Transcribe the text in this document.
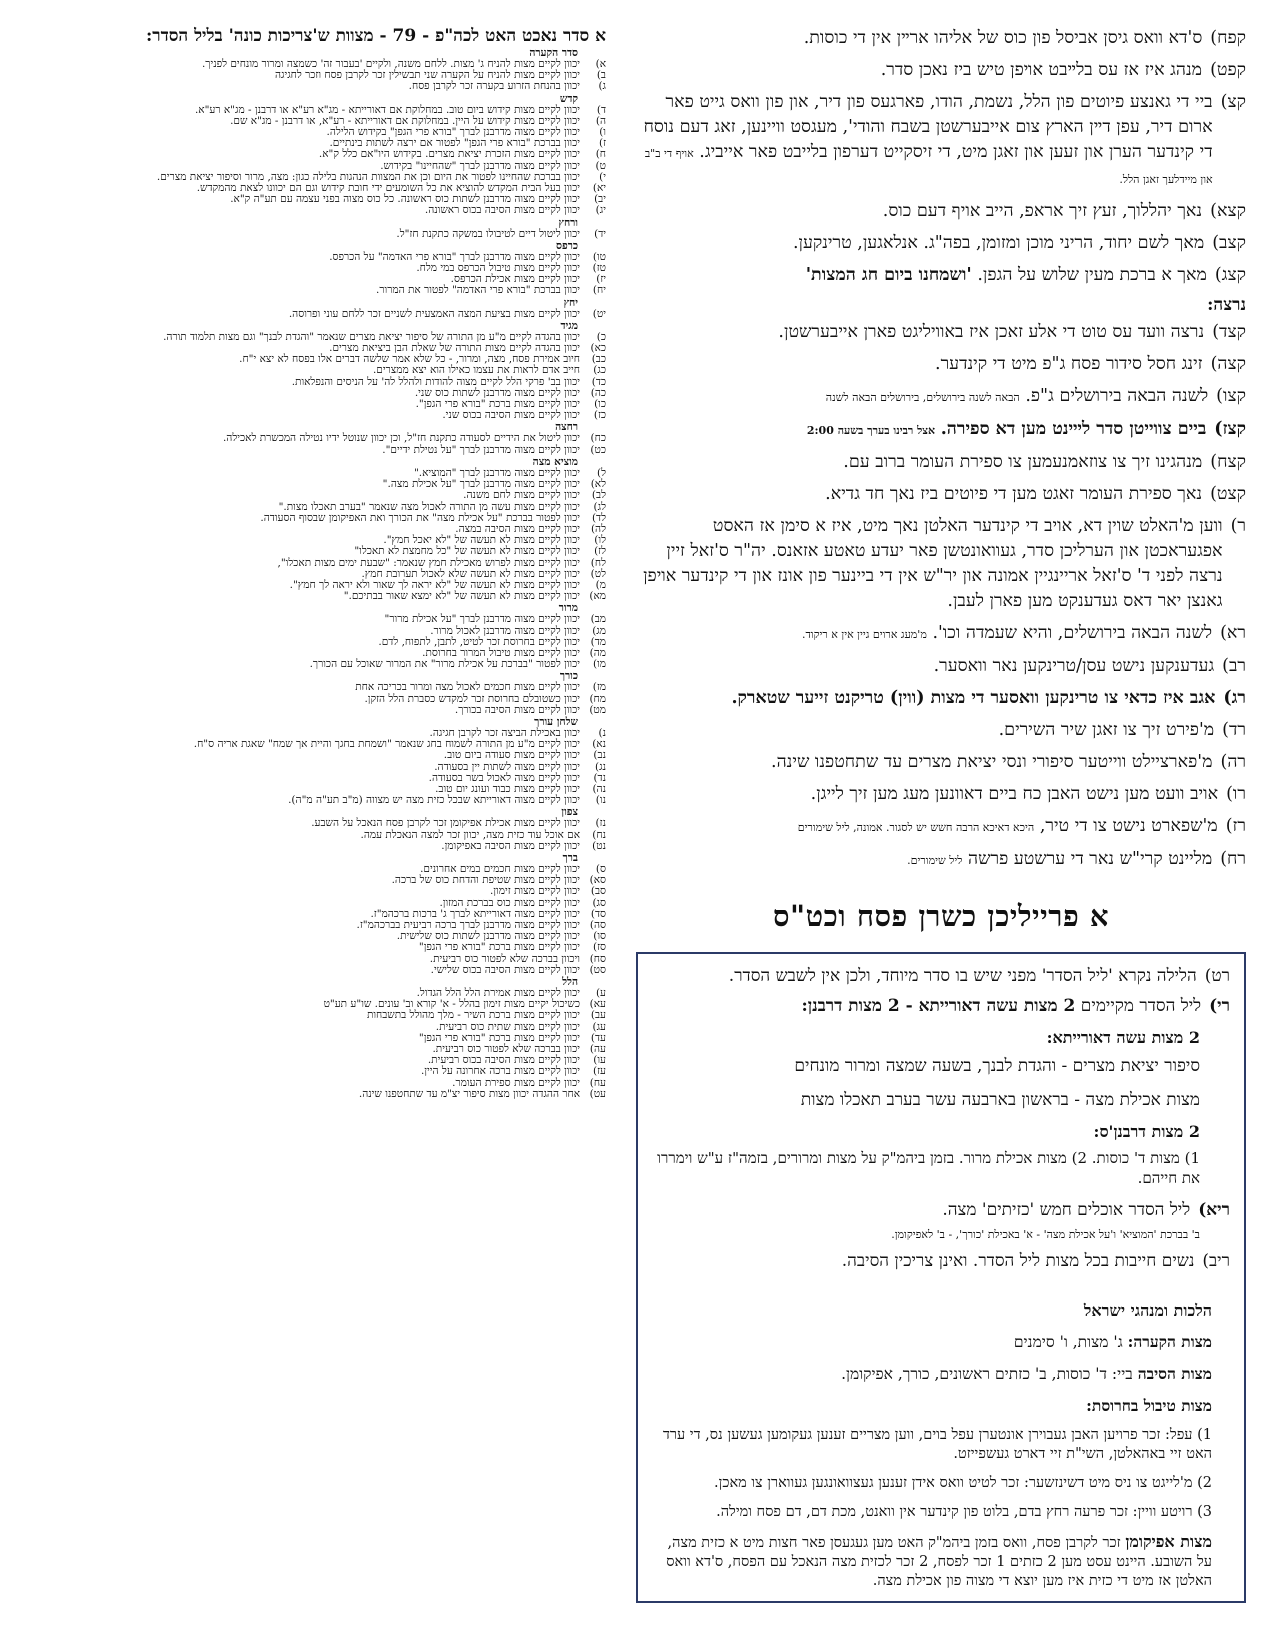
קפח)
ס'דא וואס גיסן אביסל פון כוס של אליהו ארײן אין די כוסות.
קפט)
מנהג איז אז עס בלײבט אױפן טיש ביז נאכן סדר.
קצ)
ביי די גאנצע פיוטים פון הלל, נשמת, הודו, פארגעס פון דיר, און פון וואס גייט פאר ארום דיר, עפן דײן הארץ צום אייבערשטן בשבח והודי', מעגסט וויינען, זאג דעם נוסח די קינדער הערן און זעען און זאגן מיט, די זיסקייט דערפון בלייבט פאר אייביג. אויף די ב"ב און מיידלעך זאגן הלל.
קצא)
נאך יהללוך, זעץ זיך אראפ, הייב אויף דעם כוס.
קצב)
מאך לשם יחוד, הריני מוכן ומזומן, בפה"ג. אנלאגען, טרינקען.
קצג)
מאך א ברכת מעין שלוש על הגפן. 'ושמחנו ביום חג המצות'
נרצה:
קצד)
נרצה וועד עס טוט די אלע זאכן איז באוויליגט פארן אייבערשטן.
קצה)
זינג חסל סידור פסח ג"פ מיט די קינדער.
קצו)
לשנה הבאה בירושלים ג"פ. הבאה לשנה בירושלים, בירושלים הבאה לשנה
קצז)
ביים צווייטן סדר לײינט מען דא ספירה. אצל רבינו בערך בשעה 2:00
קצח)
מנהגינו זיך צו צוזאמנעמען צו ספירת העומר ברוב עם.
קצט)
נאך ספירת העומר זאגט מען די פיוטים ביז נאך חד גדיא.
ר)
ווען מ'האלט שוין דא, אויב די קינדער האלטן נאך מיט, איז א סימן אז האסט אפגעראכטן און הערליכן סדר, געוואונטשן פאר יעדע טאטע אזאנס. יה"ר ס'זאל זיין נרצה לפני ד' ס'זאל אריינגיין אמונה און יר"ש אין די ביינער פון אונז און די קינדער אויפן גאנצן יאר דאס געדענקט מען פארן לעבן.
רא)
לשנה הבאה בירושלים, והיא שעמדה וכו'. מ'מעג ארוים גיין אין א ריקוד.
רב)
געדענקען נישט עסן/טרינקען נאר וואסער.
רג)
אגב איז כדאי צו טרינקען וואסער די מצות (ווין) טריקנט זייער שטארק.
רד)
מ'פירט זיך צו זאגן שיר השירים.
רה)
מ'פארציילט ווייטער סיפורי ונסי יציאת מצרים עד שתחטפנו שינה.
רו)
אויב וועט מען נישט האבן כח ביים דאוונען מעג מען זיך לייגן.
רז)
מ'שפארט נישט צו די טיר, היכא דאיכא הרבה חשש יש לסגור. אמונה, ליל שימורים
רח)
מליינט קרי"ש נאר די ערשטע פרשה ליל שימורים.
א פרייליכן כשרן פסח וכט"ס
רט)
הלילה נקרא 'ליל הסדר' מפני שיש בו סדר מיוחד, ולכן אין לשבש הסדר.
רי)
ליל הסדר מקיימים 2 מצות עשה דאורייתא - 2 מצות דרבנן:
2 מצות עשה דאורייתא:
סיפור יציאת מצרים - והגדת לבנך, בשעה שמצה ומרור מונחים
מצות אכילת מצה - בראשון בארבעה עשר בערב תאכלו מצות
2 מצות דרבנן'ס:
1) מצות ד' כוסות. 2) מצות אכילת מרור. בזמן ביהמ"ק על מצות ומרורים, בזמה"ז ע"ש וימררו את חייהם.
ריא)
ליל הסדר אוכלים חמש 'כזיתים' מצה.
ב' בברכת 'המוציא' ו'על אכילת מצה' - א' באכילת 'כורך', - ב' לאפיקומן.
ריב)
נשים חייבות בכל מצות ליל הסדר. ואינן צריכין הסיבה.
הלכות ומנהגי ישראל
מצות הקערה: ג' מצות, ו' סימנים
מצות הסיבה ביי: ד' כוסות, ב' כזתים ראשונים, כורך, אפיקומן.
מצות טיבול בחרוסת:
1) עפל: זכר פרויען האבן געבוירן אונטערן עפל בוים, ווען מצריים זענען געקומען געשען נס, די ערד האט זיי באהאלטן, השי"ת זיי דארט געשפייזט.
2) מ'לייגט צו ניס מיט דשינזשער: זכר לטיט וואס אידן זענען געצוואונגען געווארן צו מאכן.
3) רויטע וויין: זכר פרעה רחץ בדם, בלוט פון קינדער אין וואנט, מכת דם, דם פסח ומילה.
מצות אפיקומן זכר לקרבן פסח, וואס בזמן ביהמ"ק האט מען געגעסן פאר חצות מיט א כזית מצה, על השובע. היינט עסט מען 2 כזתים 1 זכר לפסח, 2 זכר לכזית מצה הנאכל עם הפסח, ס'דא וואס האלטן אז מיט די כזית איז מען יוצא די מצוה פון אכילת מצה.
א סדר נאכט האט לכה"פ - 79 - מצוות ש'צריכות כונה' בליל הסדר:
סדר הקערה
א)
יכוון לקיים מצות להניח ג' מצות. ללחם משנה, ולקיים 'בעבור זה' כשמצה ומרור מונחים לפניך.
ב)
יכוון לקיים מצות להניח על הקערה שני תבשילין זכר לקרבן פסח וזכר לחגיגה
ג)
יכוון בהנחת הזרוע בקערה זכר לקרבן פסח.
קדש
ד)
יכוון לקיים מצות קידוש ביום טוב. במחלוקת אם דאורייתא - מג"א רע"א או דרבנן - מג"א רע"א.
ה)
יכוון לקיים מצות קידוש על היין. במחלוקת אם דאורייתא - רע"א, או דרבנן - מג"א שם.
ו)
יכוון לקיים מצוה מדרבנן לברך "בורא פרי הגפן" בקידוש הלילה.
ז)
יכוון בברכת "בורא פרי הגפן" לפטור אם ירצה לשתות בינתיים.
ח)
יכוון לקיים מצות הזכרת יציאת מצרים. בקידוש היו"אם כלל ק"א.
ט)
יכוון לקיים מצוה מדרבנן לברך "שהחיינו" בקידוש.
י)
יכוון בברכת שהחיינו לפטור את היום וכן את המצוות הנהגות בלילה כגון: מצה, מרור וסיפור יציאת מצרים.
יא)
יכוון בעל הבית המקדש להוציא את כל השומעים ידי חובת קידוש וגם הם יכוונו לצאת מהמקדש.
יב)
יכוון לקיים מצוה מדרבנן לשתות כוס ראשונה. כל כוס מצוה בפני עצמה עם תע"ה ק"א.
יג)
יכוון לקיים מצות הסיבה בכוס ראשונה.
ורחץ
יד)
יכוון ליטול דיים לטיבולו במשקה כתקנת חז"ל.
כרפס
טו)
יכוון לקיים מצוה מדרבנן לברך "בורא פרי האדמה" על הכרפס.
טז)
יכוון לקיים מצות טיבול הכרפס במי מלח.
יז)
יכוון לקיים מצות אכילת הכרפס.
יח)
יכוון בברכת "בורא פרי האדמה" לפטור את המרור.
יחץ
יט)
יכוון לקיים מצות בציעת המצה האמצעית לשניים זכר ללחם עוני ופרוסה.
מגיד
כ)
יכוון בהגדה לקיים מ"ע מן התורה של סיפור יציאת מצרים שנאמר "והגדת לבנך" וגם מצות תלמוד תורה.
כא)
יכוון בהגדה לקיים מצות התורה של שאלת הבן ביציאת מצרים.
כב)
חיוב אמירת פסח, מצה, ומרור, - כל שלא אמר שלשה דברים אלו בפסח לא יצא י"ח.
כג)
חייב אדם לראות את עצמו כאילו הוא יצא ממצרים.
כד)
יכוון בב' פרקי הלל לקיים מצוה להודות ולהלל לה' על הניסים והנפלאות.
כה)
יכוון לקיים מצוה מדרבנן לשתות כוס שני.
כו)
יכוון לקיים מצות ברכת "בורא פרי הגפן".
כז)
יכוון לקיים מצות הסיבה בכוס שני.
רחצה
כח)
יכוון ליטול את הידיים לסעודה כתקנת חז"ל, וכן יכוון שנוטל ידיו נטילה המכשרת לאכילה.
כט)
יכוון לקיים מצוה מדרבנן לברך "על נטילת ידיים".
מוציא מצה
ל)
יכוון לקיים מצוה מדרבנן לברך "המוציא."
לא)
יכוון לקיים מצוה מדרבנן לברך "על אכילת מצה."
לב)
יכוון לקיים מצות לחם משנה.
לג)
יכוון לקיים מצות עשה מן התורה לאכול מצה שנאמר "בערב תאכלו מצות."
לד)
יכוון לפטור בברכת "על אכילת מצה" את הכורך ואת האפיקומן שבסוף הסעודה.
לה)
יכוון לקיים מצות הסיבה במצה.
לו)
יכוון לקיים מצות לא תעשה של "לא יאכל חמץ".
לז)
יכוון לקיים מצות לא תעשה של "כל מחמצת לא תאכלו"
לח)
יכוון לקיים מצות לפרוש מאכילת חמץ שנאמר: "שבעת ימים מצות תאכלו",
לט)
יכוון לקיים מצות לא תעשה שלא לאכול תערובת חמץ.
מ)
יכוון לקיים מצות לא תעשה של "לא יראה לך שאור ולא יראה לך חמץ".
מא)
יכוון לקיים מצות לא תעשה של "לא ימצא שאור בבתיכם."
מרור
מב)
יכוון לקיים מצוה מדרבנן לברך "על אכילת מרור"
מג)
יכוון לקיים מצוה מדרבנן לאכול מרור.
מד)
יכוון לקיים בחרוסת זכר לטיט, לתבן, לתפוח, לדם.
מה)
יכוון לקיים מצות טיבול המרור בחרוסת.
מו)
יכוון לפטור "בברכת על אכילת מרור" את המרור שאוכל עם הכורך.
כורך
מז)
יכוון לקיים מצות חכמים לאכול מצה ומרור בכריכה אחת
מח)
יכוון כשטובלם בחרוסת זכר למקדש כסברת הלל הזקן.
מט)
יכוון לקיים מצות הסיבה בכורך.
שלחן עורך
נ)
יכוון באכילת הביצה זכר לקרבן חגיגה.
נא)
יכוון לקיים מ"ע מן התורה לשמוח בחג שנאמר "ושמחת בחגך והיית אך שמח" שאגת אריה ס"ח.
נב)
יכוון לקיים מצות סעודה ביום טוב.
נג)
יכוון לקיים מצוה לשתות יין בסעודה.
נד)
יכוון לקיים מצוה לאכול בשר בסעודה.
נה)
יכוון לקיים מצות כבוד ועונג יום טוב.
נו)
יכוון לקיים מצוה דאורייתא שבכל כזית מצה יש מצווה (מ"ב תע"ה מ"ה).
צפון
נז)
יכוון לקיים מצות אכילת אפיקומן זכר לקרבן פסח הנאכל על השבע.
נח)
אם אוכל עוד כזית מצה, יכוון זכר למצה הנאכלת עמה.
נט)
יכוון לקיים מצות הסיבה באפיקומן.
ברך
ס)
יכוון לקיים מצות חכמים במים אחרונים.
סא)
יכוון לקיים מצות שטיפת והדחת כוס של ברכה.
סב)
יכוון לקיים מצות זימון.
סג)
יכוון לקיים מצות כוס בברכת המזון.
סד)
יכוון לקיים מצוה דאורייתא לברך ג' ברכות ברכהמ"ז.
סה)
יכוון לקיים מצוה מדרבנן לברך ברכה רביעית בברכהמ"ז.
סו)
יכוון לקיים מצוה מדרבנן לשתות כוס שלישית.
סז)
יכוון לקיים מצות ברכת "בורא פרי הגפן"
סח)
ויכוון בברכה שלא לפטור כוס רביעית.
סט)
יכוון לקיים מצות הסיבה בכוס שלישי.
הלל
ע)
יכוון לקיים מצות אמירת הלל הלל הגדול.
עא)
כשיכול יקיים מצות זימון בהלל - א' קורא וב' עונים. שו"ע תע"ט
עב)
יכוון לקיים מצות ברכת השיר - מלך מהולל בתשבחות
עג)
יכוון לקיים מצות שתית כוס רביעית.
עד)
יכוון לקיים מצות ברכת "בורא פרי הגפן"
עה)
יכוון בברכה שלא לפטור כוס רביעית.
עו)
יכוון לקיים מצות הסיבה בכוס רביעית.
עז)
יכוון לקיים מצות ברכה אחרונה על היין.
עח)
יכוון לקיים מצות ספירת העומר.
עט)
אחר ההגדה יכוון מצות סיפור יצ"מ עד שתחטפנו שינה.
